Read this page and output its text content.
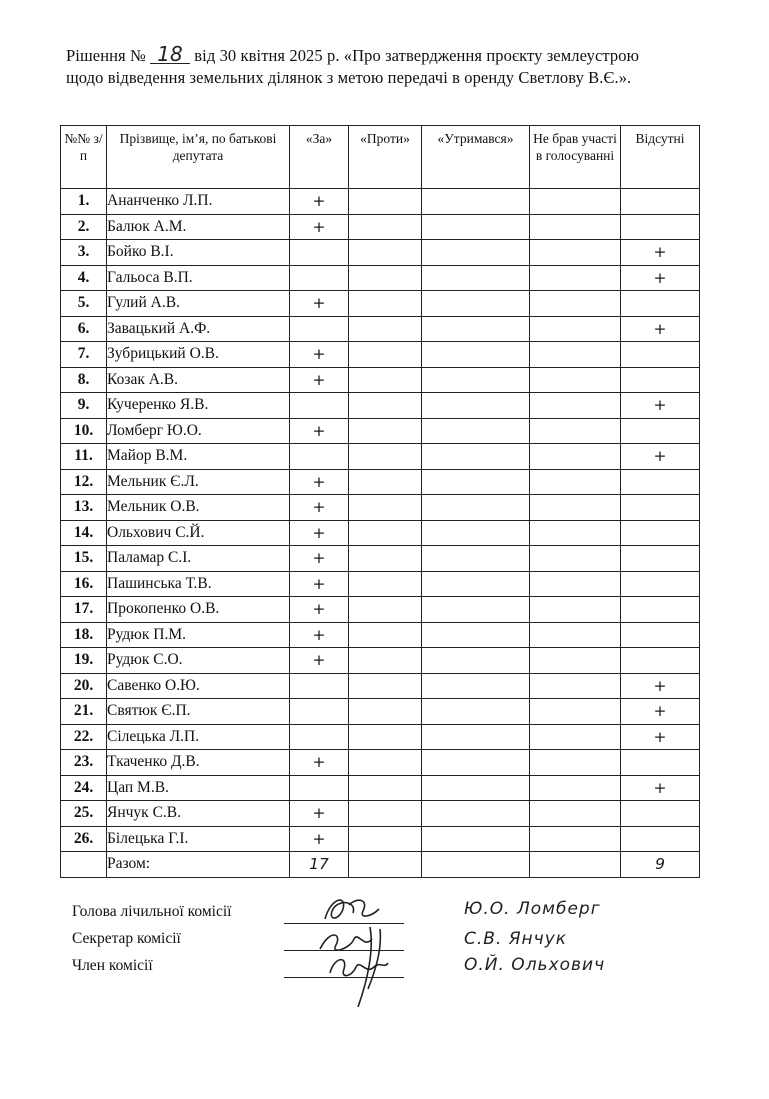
Рішення № 18 від 30 квітня 2025 р. «Про затвердження проєкту землеустрою
щодо відведення земельних ділянок з метою передачі в оренду Светлову В.Є.».
№№ з/п	Прізвище, ім’я, по батькові депутата	«За»	«Проти»	«Утримався»	Не брав участі в голосуванні	Відсутні
1.	Ананченко Л.П.	+				
2.	Балюк А.М.	+				
3.	Бойко В.І.					+
4.	Гальоса В.П.					+
5.	Гулий А.В.	+				
6.	Завацький А.Ф.					+
7.	Зубрицький О.В.	+				
8.	Козак А.В.	+				
9.	Кучеренко Я.В.					+
10.	Ломберг Ю.О.	+				
11.	Майор В.М.					+
12.	Мельник Є.Л.	+				
13.	Мельник О.В.	+				
14.	Ольхович С.Й.	+				
15.	Паламар С.І.	+				
16.	Пашинська Т.В.	+				
17.	Прокопенко О.В.	+				
18.	Рудюк П.М.	+				
19.	Рудюк С.О.	+				
20.	Савенко О.Ю.					+
21.	Святюк Є.П.					+
22.	Сілецька Л.П.					+
23.	Ткаченко Д.В.	+				
24.	Цап М.В.					+
25.	Янчук С.В.	+				
26.	Білецька Г.І.	+				
	Разом:	17				9
Голова лічильної комісії
Секретар комісії
Член комісії
Ю.О. Ломберг
С.В. Янчук
О.Й. Ольхович
